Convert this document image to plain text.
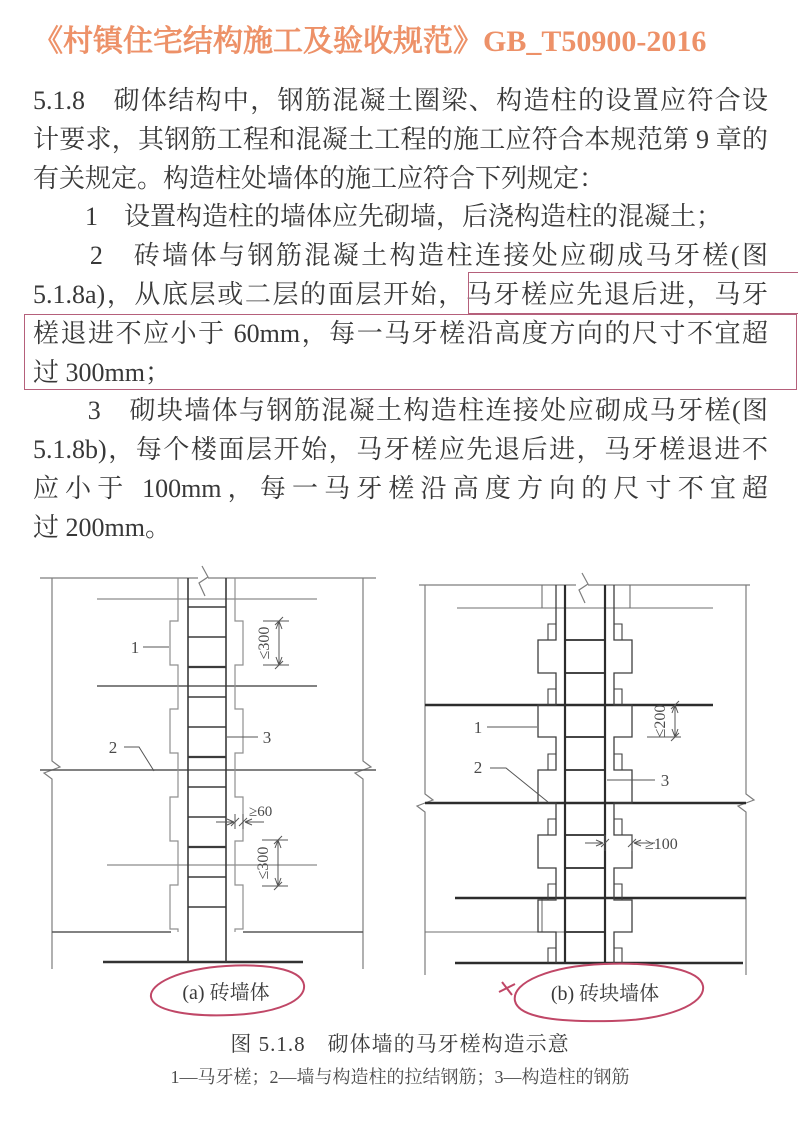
《村镇住宅结构施工及验收规范》GB_T50900-2016
5.1.8　砌体结构中，钢筋混凝土圈梁、构造柱的设置应符合设
计要求，其钢筋工程和混凝土工程的施工应符合本规范第 9 章的
有关规定。构造柱处墙体的施工应符合下列规定：
　　1　设置构造柱的墙体应先砌墙，后浇构造柱的混凝土；
　　2　砖墙体与钢筋混凝土构造柱连接处应砌成马牙槎(图
5.1.8a)，从底层或二层的面层开始，马牙槎应先退后进，马牙
槎退进不应小于 60mm，每一马牙槎沿高度方向的尺寸不宜超
过 300mm；
　　3　砌块墙体与钢筋混凝土构造柱连接处应砌成马牙槎(图
5.1.8b)，每个楼面层开始，马牙槎应先退后进，马牙槎退进不
应小于 100mm，每一马牙槎沿高度方向的尺寸不宜超
过 200mm。
1
2
3
≤300
≥60
≤300
(a) 砖墙体
1
2
3
≤200
≥100
(b) 砖块墙体
图 5.1.8　砌体墙的马牙槎构造示意
1—马牙槎；2—墙与构造柱的拉结钢筋；3—构造柱的钢筋
